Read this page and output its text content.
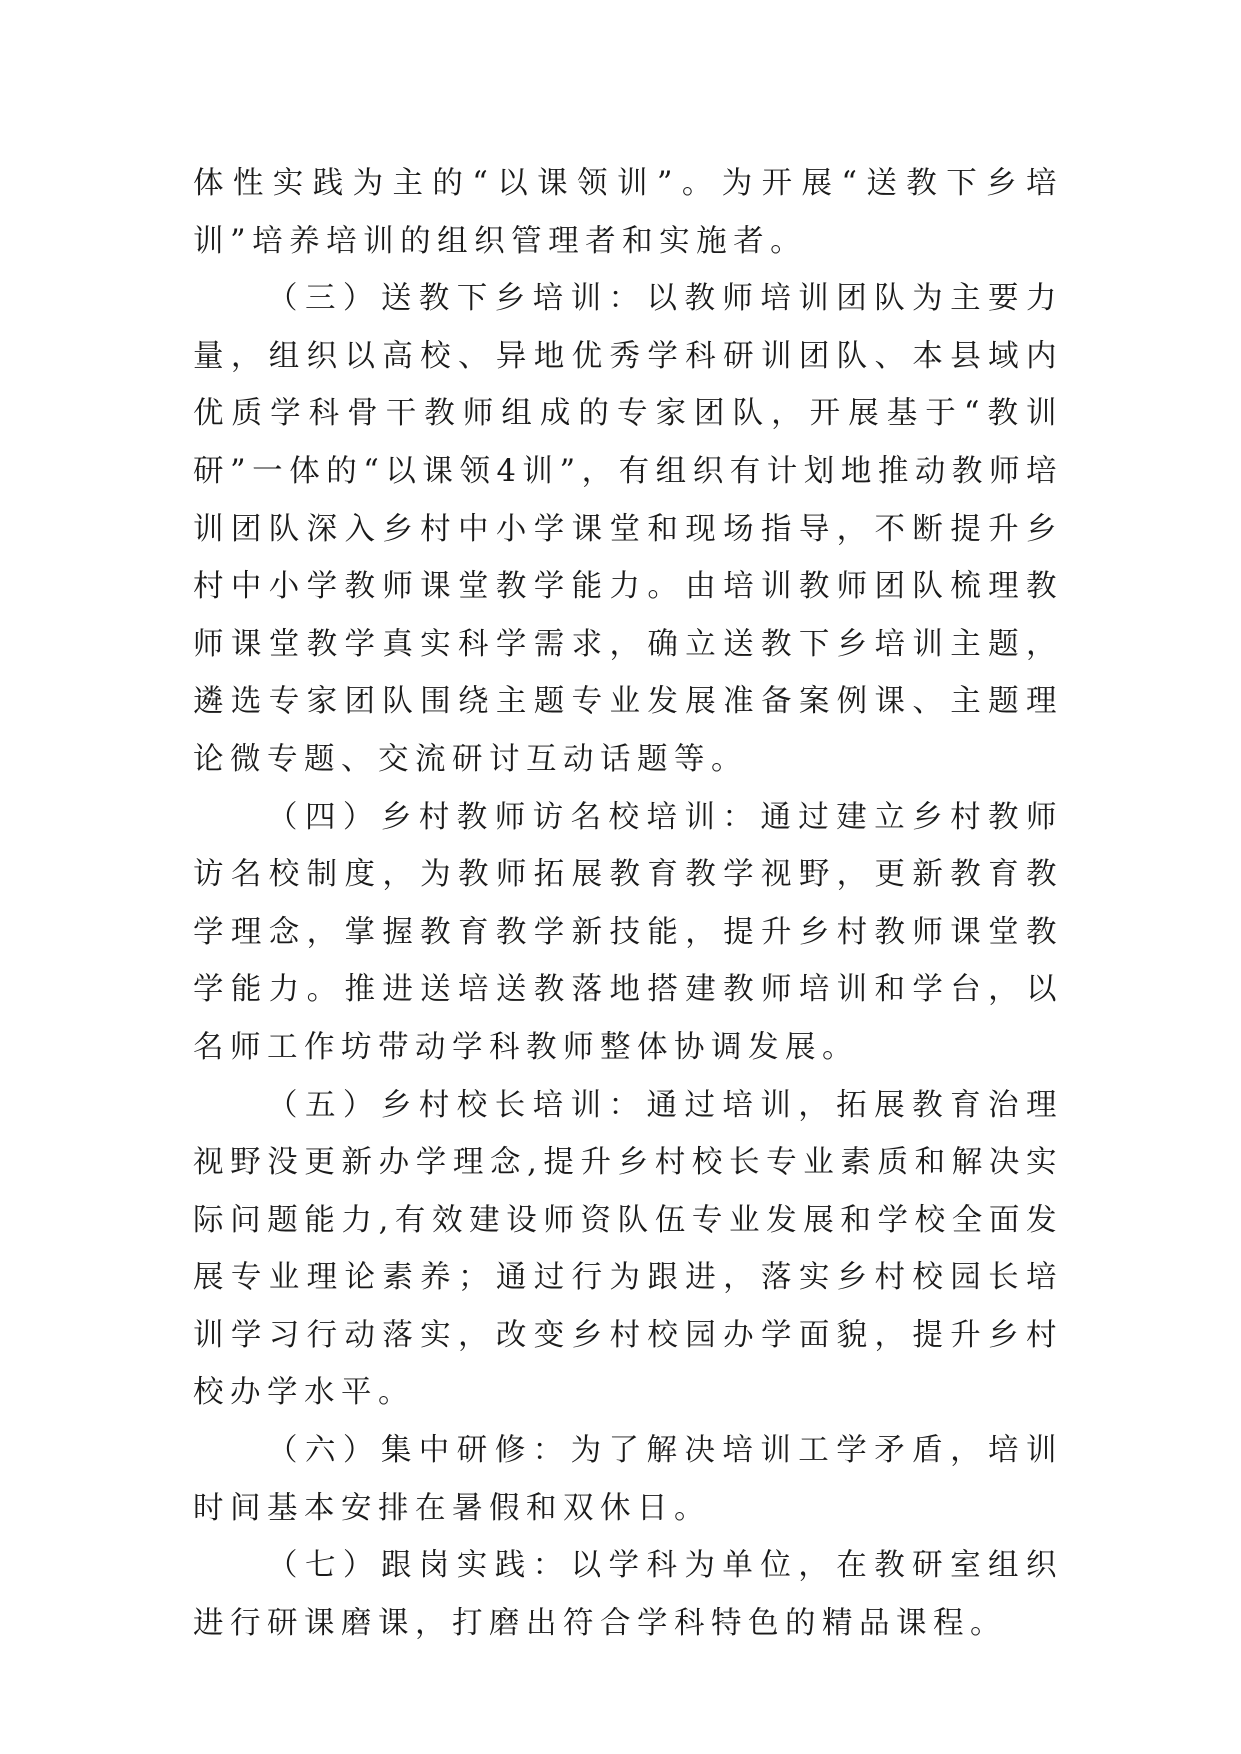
体性实践为主的“以课领训”。为开展“送教下乡培训”培养培训的组织管理者和实施者。

（三）送教下乡培训：以教师培训团队为主要力量，组织以高校、异地优秀学科研训团队、本县域内优质学科骨干教师组成的专家团队，开展基于“教训研”一体的“以课领4训”，有组织有计划地推动教师培训团队深入乡村中小学课堂和现场指导，不断提升乡村中小学教师课堂教学能力。由培训教师团队梳理教师课堂教学真实科学需求，确立送教下乡培训主题，遴选专家团队围绕主题专业发展准备案例课、主题理论微专题、交流研讨互动话题等。

（四）乡村教师访名校培训：通过建立乡村教师访名校制度，为教师拓展教育教学视野，更新教育教学理念，掌握教育教学新技能，提升乡村教师课堂教学能力。推进送培送教落地搭建教师培训和学台，以名师工作坊带动学科教师整体协调发展。

（五）乡村校长培训：通过培训，拓展教育治理视野没更新办学理念,提升乡村校长专业素质和解决实际问题能力,有效建设师资队伍专业发展和学校全面发展专业理论素养；通过行为跟进，落实乡村校园长培训学习行动落实，改变乡村校园办学面貌，提升乡村校办学水平。

（六）集中研修：为了解决培训工学矛盾，培训时间基本安排在暑假和双休日。

（七）跟岗实践：以学科为单位，在教研室组织进行研课磨课，打磨出符合学科特色的精品课程。
